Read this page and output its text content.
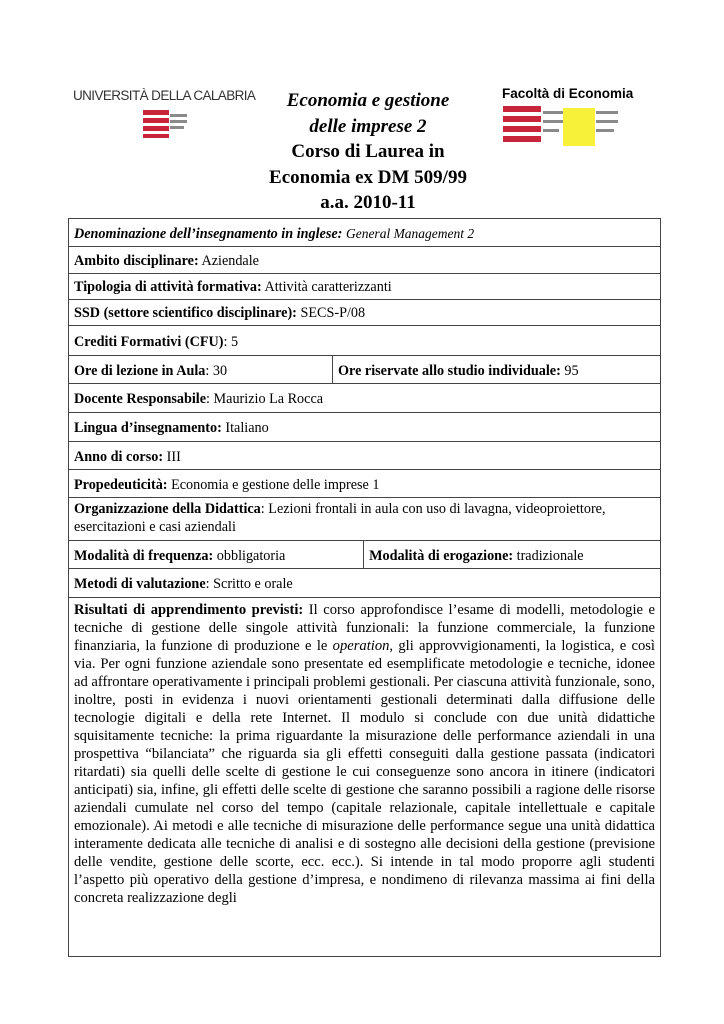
UNIVERSITÀ DELLA CALABRIA	Economia e gestione
delle imprese 2
Corso di Laurea in
Economia ex DM 509/99
a.a. 2010-11
Facoltà di Economia
Denominazione dell’insegnamento in inglese: General Management 2		
Ambito disciplinare: Aziendale		
Tipologia di attività formativa: Attività caratterizzanti		
SSD (settore scientifico disciplinare): SECS-P/08		
Crediti Formativi (CFU): 5		
Ore di lezione in Aula: 30	Ore riservate allo studio individuale: 95	
Docente Responsabile: Maurizio La Rocca		
Lingua d’insegnamento: Italiano		
Anno di corso: III		
Propedeuticità: Economia e gestione delle imprese 1		
Organizzazione della Didattica: Lezioni frontali in aula con uso di lavagna, videoproiettore, esercitazioni e casi aziendali		
Modalità di frequenza: obbligatoria		Modalità di erogazione: tradizionale
Metodi di valutazione: Scritto e orale		
Risultati di apprendimento previsti: Il corso approfondisce l’esame di modelli, metodologie e tecniche di gestione delle singole attività funzionali: la funzione commerciale, la funzione finanziaria, la funzione di produzione e le operation, gli approvvigionamenti, la logistica, e così via. Per ogni funzione aziendale sono presentate ed esemplificate metodologie e tecniche, idonee ad affrontare operativamente i principali problemi gestionali. Per ciascuna attività funzionale, sono, inoltre, posti in evidenza i nuovi orientamenti gestionali determinati dalla diffusione delle tecnologie digitali e della rete Internet. Il modulo si conclude con due unità didattiche squisitamente tecniche: la prima riguardante la misurazione delle performance aziendali in una prospettiva “bilanciata” che riguarda sia gli effetti conseguiti dalla gestione passata (indicatori ritardati) sia quelli delle scelte di gestione le cui conseguenze sono ancora in itinere (indicatori anticipati) sia, infine, gli effetti delle scelte di gestione che saranno possibili a ragione delle risorse aziendali cumulate nel corso del tempo (capitale relazionale, capitale intellettuale e capitale emozionale). Ai metodi e alle tecniche di misurazione delle performance segue una unità didattica interamente dedicata alle tecniche di analisi e di sostegno alle decisioni della gestione (previsione delle vendite, gestione delle scorte, ecc. ecc.). Si intende in tal modo proporre agli studenti l’aspetto più operativo della gestione d’impresa, e nondimeno di rilevanza massima ai fini della concreta realizzazione degli		
